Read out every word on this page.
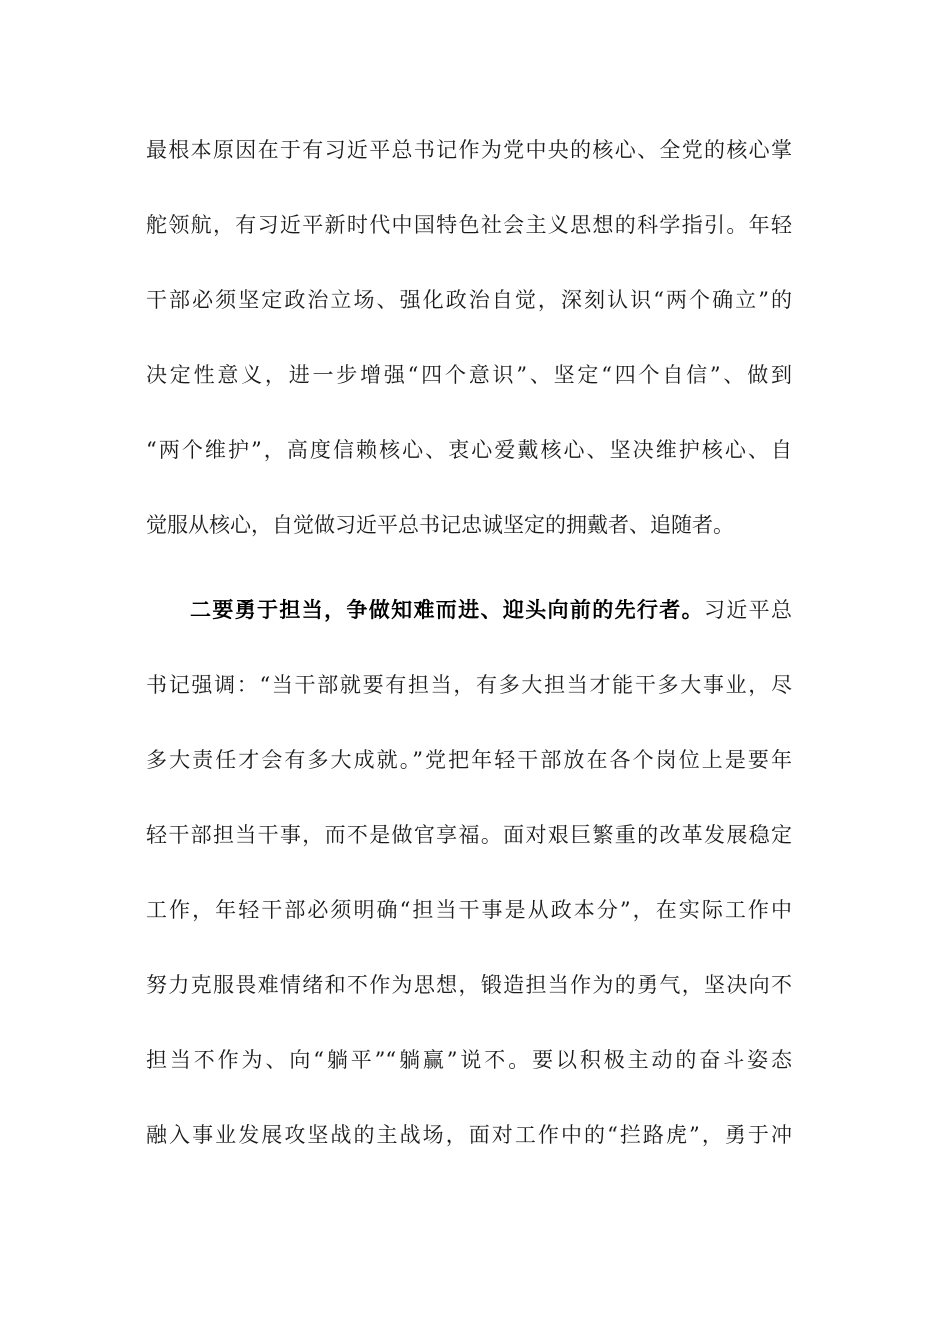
最根本原因在于有习近平总书记作为党中央的核心、全党的核心掌
舵领航，有习近平新时代中国特色社会主义思想的科学指引。年轻
干部必须坚定政治立场、强化政治自觉，深刻认识“两个确立”的
决定性意义，进一步增强“四个意识”、坚定“四个自信”、做到
“两个维护”，高度信赖核心、衷心爱戴核心、坚决维护核心、自
觉服从核心，自觉做习近平总书记忠诚坚定的拥戴者、追随者。
二要勇于担当，争做知难而进、迎头向前的先行者。习近平总
书记强调：“当干部就要有担当，有多大担当才能干多大事业，尽
多大责任才会有多大成就。”党把年轻干部放在各个岗位上是要年
轻干部担当干事，而不是做官享福。面对艰巨繁重的改革发展稳定
工作，年轻干部必须明确“担当干事是从政本分”，在实际工作中
努力克服畏难情绪和不作为思想，锻造担当作为的勇气，坚决向不
担当不作为、向“躺平”“躺赢”说不。要以积极主动的奋斗姿态
融入事业发展攻坚战的主战场，面对工作中的“拦路虎”，勇于冲
